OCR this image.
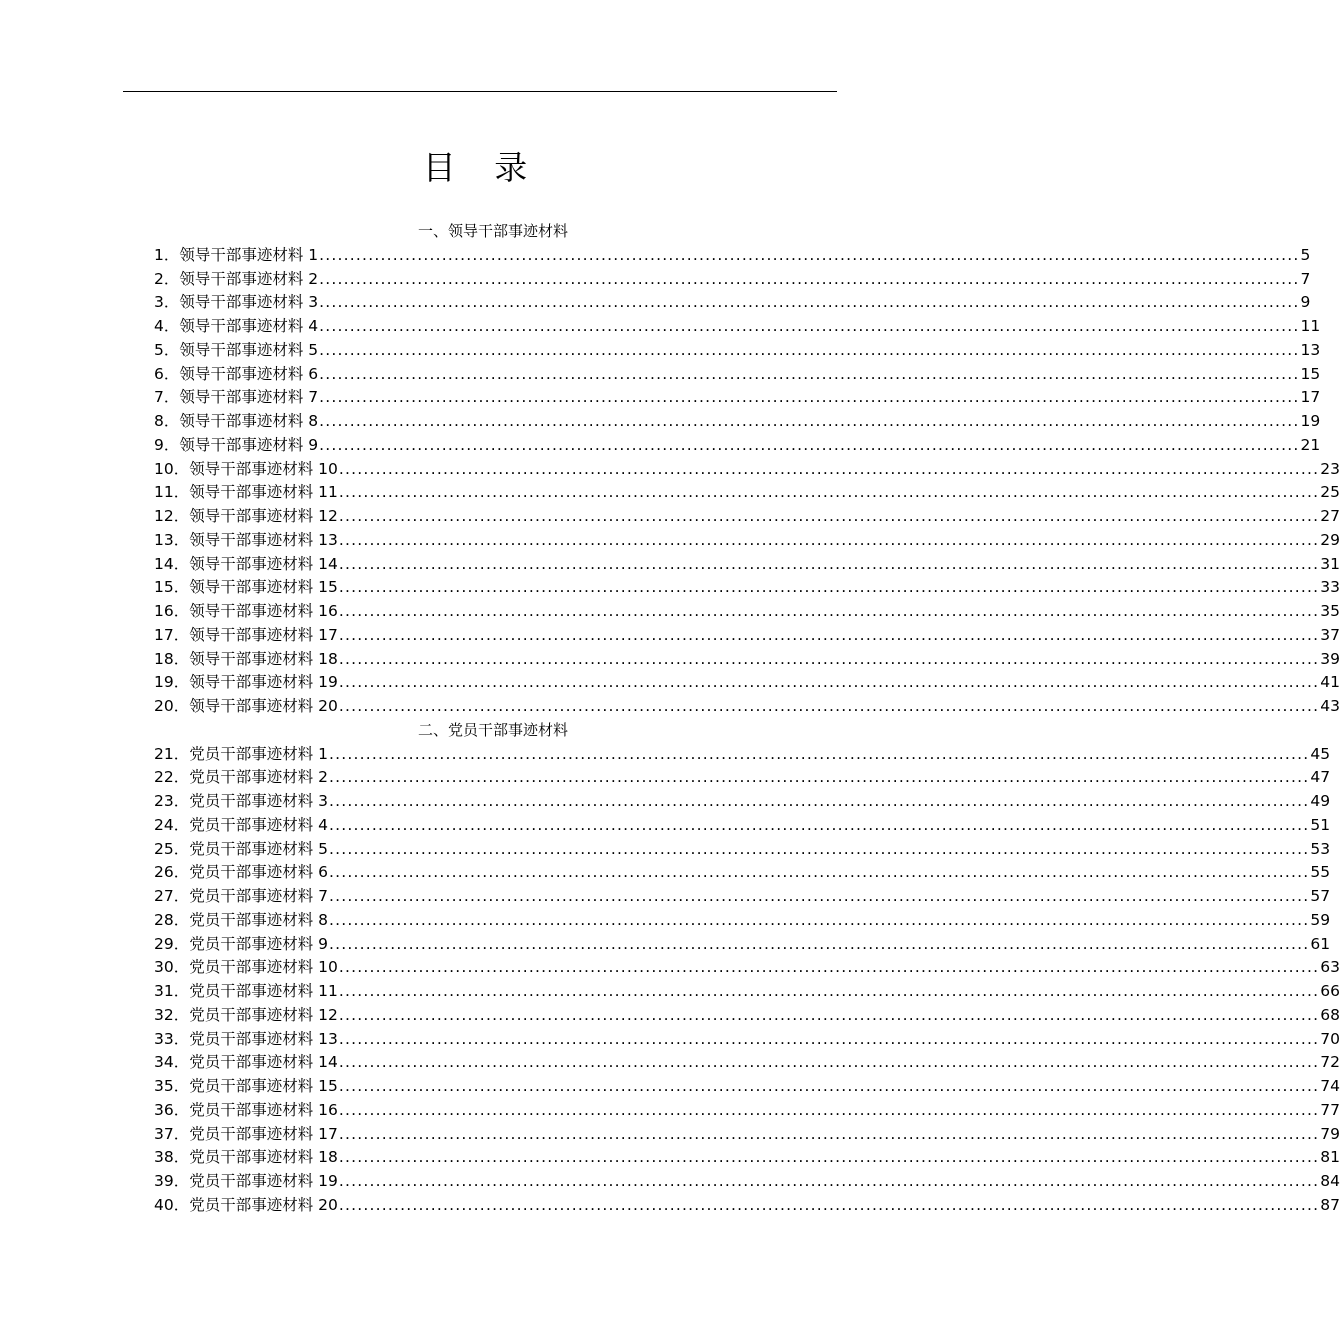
目 录
一、领导干部事迹材料
1． 领导干部事迹材料 1 ................................................................................................................................................................ 5
2． 领导干部事迹材料 2 ................................................................................................................................................................ 7
3． 领导干部事迹材料 3 ................................................................................................................................................................ 9
4． 领导干部事迹材料 4 ................................................................................................................................................................ 11
5． 领导干部事迹材料 5 ................................................................................................................................................................ 13
6． 领导干部事迹材料 6 ................................................................................................................................................................ 15
7． 领导干部事迹材料 7 ................................................................................................................................................................ 17
8． 领导干部事迹材料 8 ................................................................................................................................................................ 19
9． 领导干部事迹材料 9 ................................................................................................................................................................ 21
10． 领导干部事迹材料 10 ................................................................................................................................................................ 23
11． 领导干部事迹材料 11 ................................................................................................................................................................ 25
12． 领导干部事迹材料 12 ................................................................................................................................................................ 27
13． 领导干部事迹材料 13 ................................................................................................................................................................ 29
14． 领导干部事迹材料 14 ................................................................................................................................................................ 31
15． 领导干部事迹材料 15 ................................................................................................................................................................ 33
16． 领导干部事迹材料 16 ................................................................................................................................................................ 35
17． 领导干部事迹材料 17 ................................................................................................................................................................ 37
18． 领导干部事迹材料 18 ................................................................................................................................................................ 39
19． 领导干部事迹材料 19 ................................................................................................................................................................ 41
20． 领导干部事迹材料 20 ................................................................................................................................................................ 43
二、党员干部事迹材料
21． 党员干部事迹材料 1 ................................................................................................................................................................ 45
22． 党员干部事迹材料 2 ................................................................................................................................................................ 47
23． 党员干部事迹材料 3 ................................................................................................................................................................ 49
24． 党员干部事迹材料 4 ................................................................................................................................................................ 51
25． 党员干部事迹材料 5 ................................................................................................................................................................ 53
26． 党员干部事迹材料 6 ................................................................................................................................................................ 55
27． 党员干部事迹材料 7 ................................................................................................................................................................ 57
28． 党员干部事迹材料 8 ................................................................................................................................................................ 59
29． 党员干部事迹材料 9 ................................................................................................................................................................ 61
30． 党员干部事迹材料 10 ................................................................................................................................................................ 63
31． 党员干部事迹材料 11 ................................................................................................................................................................ 66
32． 党员干部事迹材料 12 ................................................................................................................................................................ 68
33． 党员干部事迹材料 13 ................................................................................................................................................................ 70
34． 党员干部事迹材料 14 ................................................................................................................................................................ 72
35． 党员干部事迹材料 15 ................................................................................................................................................................ 74
36． 党员干部事迹材料 16 ................................................................................................................................................................ 77
37． 党员干部事迹材料 17 ................................................................................................................................................................ 79
38． 党员干部事迹材料 18 ................................................................................................................................................................ 81
39． 党员干部事迹材料 19 ................................................................................................................................................................ 84
40． 党员干部事迹材料 20 ................................................................................................................................................................ 87
